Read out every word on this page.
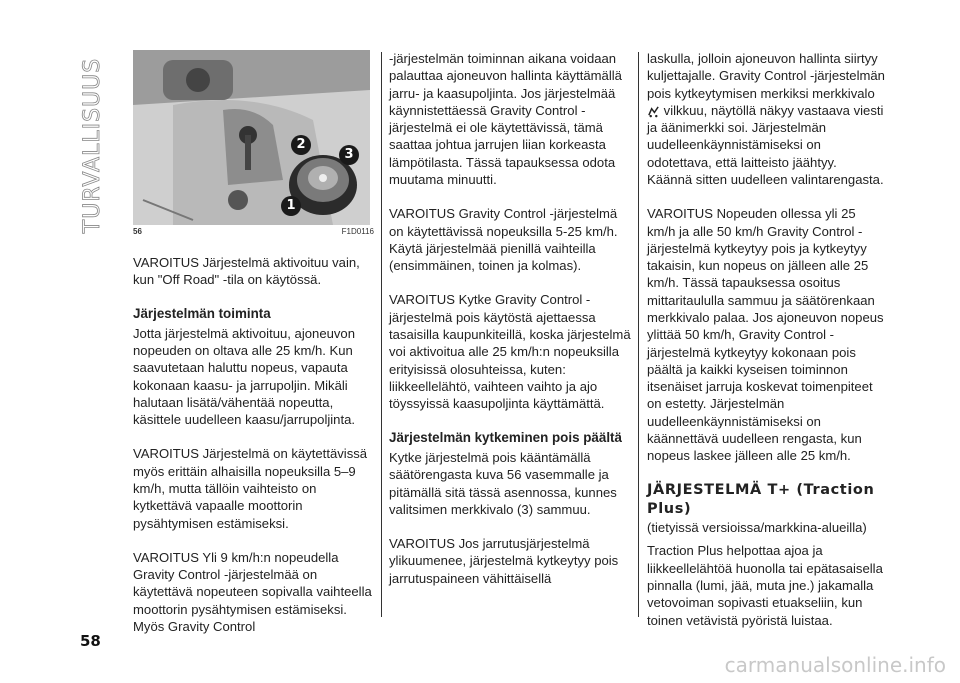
TURVALLISUUS	2
3
1
56	F1D0116

VAROITUS Järjestelmä aktivoituu vain, kun "Off Road" -tila on käytössä.

Järjestelmän toiminta

Jotta järjestelmä aktivoituu, ajoneuvon nopeuden on oltava alle 25 km/h. Kun saavutetaan haluttu nopeus, vapauta kokonaan kaasu- ja jarrupoljin. Mikäli halutaan lisätä/vähentää nopeutta, käsittele uudelleen kaasu/jarrupoljinta.

VAROITUS Järjestelmä on käytettävissä myös erittäin alhaisilla nopeuksilla 5–9 km/h, mutta tällöin vaihteisto on kytkettävä vapaalle moottorin pysähtymisen estämiseksi.

VAROITUS Yli 9 km/h:n nopeudella Gravity Control -järjestelmää on käytettävä nopeuteen sopivalla vaihteella moottorin pysähtymisen estämiseksi. Myös Gravity Control

-järjestelmän toiminnan aikana voidaan palauttaa ajoneuvon hallinta käyttämällä jarru- ja kaasupoljinta. Jos järjestelmää käynnistettäessä Gravity Control -järjestelmä ei ole käytettävissä, tämä saattaa johtua jarrujen liian korkeasta lämpötilasta. Tässä tapauksessa odota muutama minuutti.

VAROITUS Gravity Control -järjestelmä on käytettävissä nopeuksilla 5-25 km/h. Käytä järjestelmää pienillä vaihteilla (ensimmäinen, toinen ja kolmas).

VAROITUS Kytke Gravity Control -järjestelmä pois käytöstä ajettaessa tasaisilla kaupunkiteillä, koska järjestelmä voi aktivoitua alle 25 km/h:n nopeuksilla erityisissä olosuhteissa, kuten: liikkeellelähtö, vaihteen vaihto ja ajo töyssyissä kaasupoljinta käyttämättä.

Järjestelmän kytkeminen pois päältä

Kytke järjestelmä pois kääntämällä säätörengasta kuva 56 vasemmalle ja pitämällä sitä tässä asennossa, kunnes valitsimen merkkivalo (3) sammuu.

VAROITUS Jos jarrutusjärjestelmä ylikuumenee, järjestelmä kytkeytyy pois jarrutuspaineen vähittäisellä

laskulla, jolloin ajoneuvon hallinta siirtyy kuljettajalle. Gravity Control -järjestelmän pois kytkeytymisen merkiksi merkkivalo  vilkkuu, näytöllä näkyy vastaava viesti ja äänimerkki soi. Järjestelmän uudelleenkäynnistämiseksi on odotettava, että laitteisto jäähtyy. Käännä sitten uudelleen valintarengasta.

VAROITUS Nopeuden ollessa yli 25 km/h ja alle 50 km/h Gravity Control -järjestelmä kytkeytyy pois ja kytkeytyy takaisin, kun nopeus on jälleen alle 25 km/h. Tässä tapauksessa osoitus mittaritaululla sammuu ja säätörenkaan merkkivalo palaa. Jos ajoneuvon nopeus ylittää 50 km/h, Gravity Control -järjestelmä kytkeytyy kokonaan pois päältä ja kaikki kyseisen toiminnon itsenäiset jarruja koskevat toimenpiteet on estetty. Järjestelmän uudelleenkäynnistämiseksi on käännettävä uudelleen rengasta, kun nopeus laskee jälleen alle 25 km/h.

JÄRJESTELMÄ T+ (Traction Plus)
(tietyissä versioissa/markkina-alueilla)

Traction Plus helpottaa ajoa ja liikkeellelähtöä huonolla tai epätasaisella pinnalla (lumi, jää, muta jne.) jakamalla vetovoiman sopivasti etuakseliin, kun toinen vetävistä pyöristä luistaa.

58
carmanualsonline.info
